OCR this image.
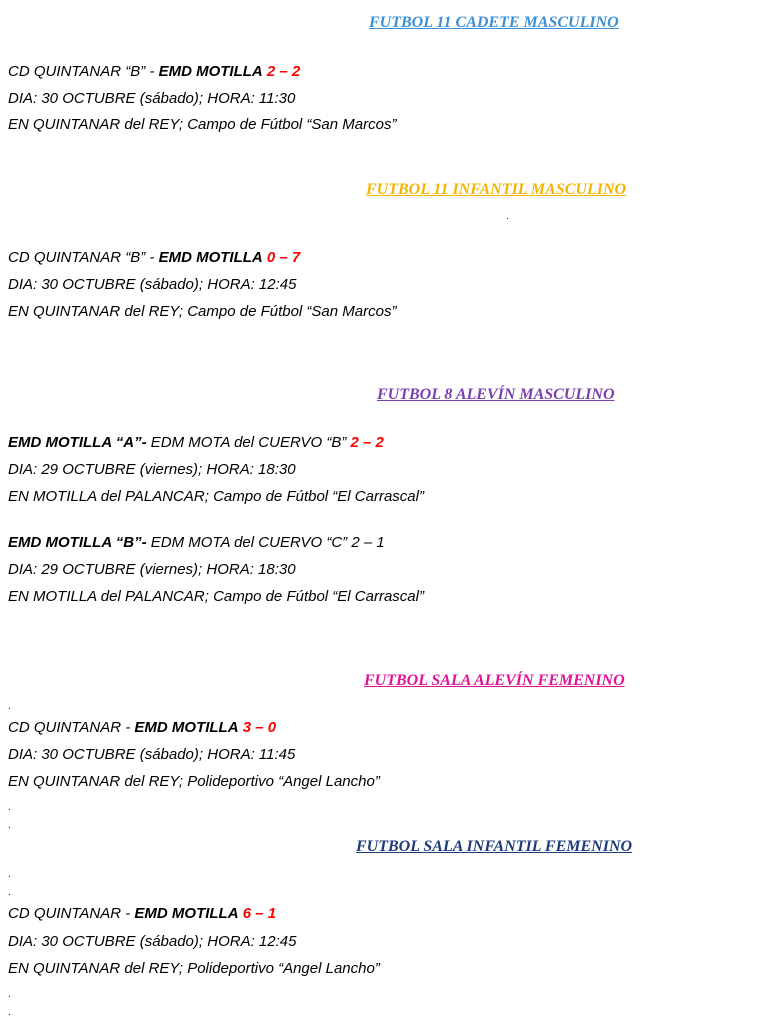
FUTBOL 11 CADETE MASCULINO
CD QUINTANAR “B” - EMD MOTILLA 2 – 2
DIA: 30 OCTUBRE (sábado); HORA: 11:30
EN QUINTANAR del REY; Campo de Fútbol “San Marcos”
FUTBOL 11 INFANTIL MASCULINO
.
CD QUINTANAR “B” - EMD MOTILLA 0 – 7
DIA: 30 OCTUBRE (sábado); HORA: 12:45
EN QUINTANAR del REY; Campo de Fútbol “San Marcos”
FUTBOL 8 ALEVÍN MASCULINO
EMD MOTILLA “A”- EDM MOTA del CUERVO “B” 2 – 2
DIA: 29 OCTUBRE (viernes); HORA: 18:30
EN MOTILLA del PALANCAR; Campo de Fútbol “El Carrascal”
EMD MOTILLA “B”- EDM MOTA del CUERVO “C” 2 – 1
DIA: 29 OCTUBRE (viernes); HORA: 18:30
EN MOTILLA del PALANCAR; Campo de Fútbol “El Carrascal”
FUTBOL SALA ALEVÍN FEMENINO
.
CD QUINTANAR - EMD MOTILLA 3 – 0
DIA: 30 OCTUBRE (sábado); HORA: 11:45
EN QUINTANAR del REY; Polideportivo “Angel Lancho”
.
.
FUTBOL SALA INFANTIL FEMENINO
.
.
CD QUINTANAR - EMD MOTILLA 6 – 1
DIA: 30 OCTUBRE (sábado); HORA: 12:45
EN QUINTANAR del REY; Polideportivo “Angel Lancho”
.
.
